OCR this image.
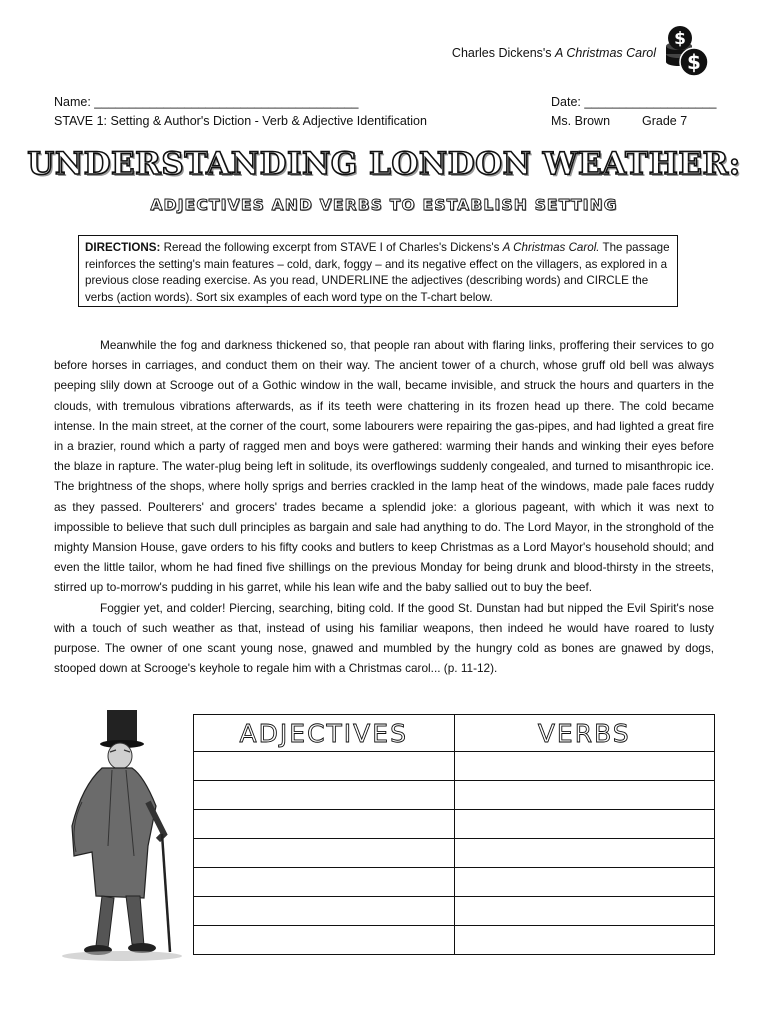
Charles Dickens's A Christmas Carol
$
$
Name: ______________________________________
STAVE 1: Setting & Author's Diction - Verb & Adjective Identification
Date: ___________________
Ms. Brown	Grade 7
UNDERSTANDING LONDON WEATHER:
ADJECTIVES AND VERBS TO ESTABLISH SETTING
DIRECTIONS: Reread the following excerpt from STAVE I of Charles's Dickens's A Christmas Carol. The passage reinforces the setting's main features – cold, dark, foggy – and its negative effect on the villagers, as explored in a previous close reading exercise. As you read, UNDERLINE the adjectives (describing words) and CIRCLE the verbs (action words). Sort six examples of each word type on the T-chart below.

Meanwhile the fog and darkness thickened so, that people ran about with flaring links, proffering their services to go before horses in carriages, and conduct them on their way. The ancient tower of a church, whose gruff old bell was always peeping slily down at Scrooge out of a Gothic window in the wall, became invisible, and struck the hours and quarters in the clouds, with tremulous vibrations afterwards, as if its teeth were chattering in its frozen head up there. The cold became intense. In the main street, at the corner of the court, some labourers were repairing the gas-pipes, and had lighted a great fire in a brazier, round which a party of ragged men and boys were gathered: warming their hands and winking their eyes before the blaze in rapture. The water-plug being left in solitude, its overflowings suddenly congealed, and turned to misanthropic ice. The brightness of the shops, where holly sprigs and berries crackled in the lamp heat of the windows, made pale faces ruddy as they passed. Poulterers' and grocers' trades became a splendid joke: a glorious pageant, with which it was next to impossible to believe that such dull principles as bargain and sale had anything to do. The Lord Mayor, in the stronghold of the mighty Mansion House, gave orders to his fifty cooks and butlers to keep Christmas as a Lord Mayor's household should; and even the little tailor, whom he had fined five shillings on the previous Monday for being drunk and blood-thirsty in the streets, stirred up to-morrow's pudding in his garret, while his lean wife and the baby sallied out to buy the beef.

Foggier yet, and colder! Piercing, searching, biting cold. If the good St. Dunstan had but nipped the Evil Spirit's nose with a touch of such weather as that, instead of using his familiar weapons, then indeed he would have roared to lusty purpose. The owner of one scant young nose, gnawed and mumbled by the hungry cold as bones are gnawed by dogs, stooped down at Scrooge's keyhole to regale him with a Christmas carol... (p. 11-12).

ADJECTIVES	VERBS
